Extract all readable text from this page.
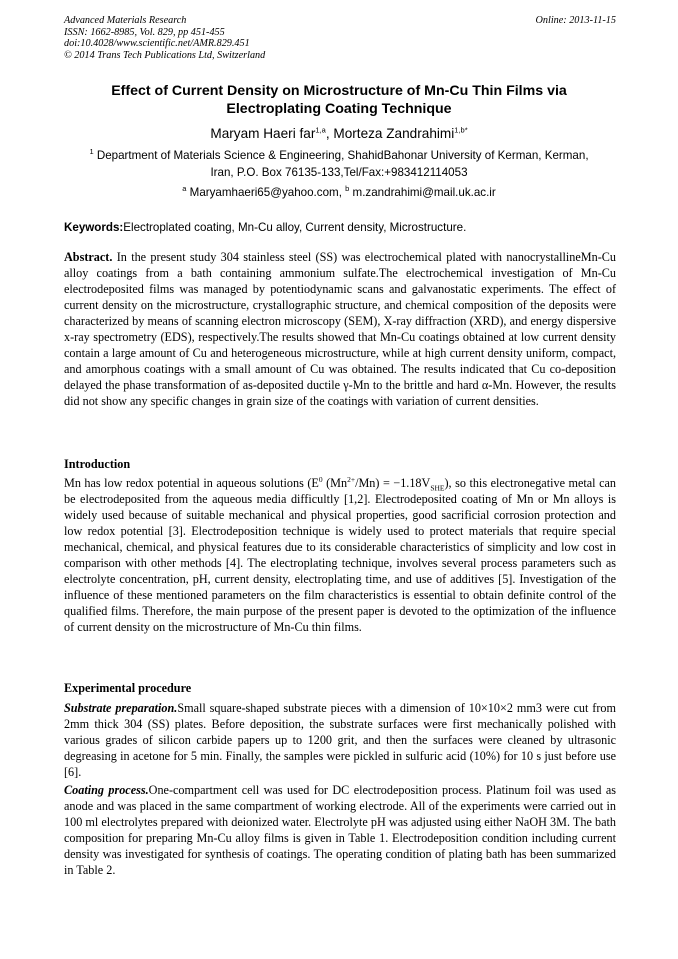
Advanced Materials Research
ISSN: 1662-8985, Vol. 829, pp 451-455
doi:10.4028/www.scientific.net/AMR.829.451
© 2014 Trans Tech Publications Ltd, Switzerland
Online: 2013-11-15
Effect of Current Density on Microstructure of Mn-Cu Thin Films via
Electroplating Coating Technique
Maryam Haeri far$^{1,a}$, Morteza Zandrahimi$^{1,b*}$
$^1$ Department of Materials Science & Engineering, ShahidBahonar University of Kerman, Kerman,
Iran, P.O. Box 76135-133,Tel/Fax:+983412114053
$^a$ Maryamhaeri65@yahoo.com, $^b$ m.zandrahimi@mail.uk.ac.ir
Keywords:Electroplated coating, Mn-Cu alloy, Current density, Microstructure.

Abstract. In the present study 304 stainless steel (SS) was electrochemical plated with nanocrystallineMn-Cu alloy coatings from a bath containing ammonium sulfate.The electrochemical investigation of Mn-Cu electrodeposited films was managed by potentiodynamic scans and galvanostatic experiments. The effect of current density on the microstructure, crystallographic structure, and chemical composition of the deposits were characterized by means of scanning electron microscopy (SEM), X-ray diffraction (XRD), and energy dispersive x-ray spectrometry (EDS), respectively.The results showed that Mn-Cu coatings obtained at low current density contain a large amount of Cu and heterogeneous microstructure, while at high current density uniform, compact, and amorphous coatings with a small amount of Cu was obtained. The results indicated that Cu co-deposition delayed the phase transformation of as-deposited ductile γ-Mn to the brittle and hard α-Mn. However, the results did not show any specific changes in grain size of the coatings with variation of current densities.

Introduction

Mn has low redox potential in aqueous solutions ($E^0$ $(Mn^{2+}/Mn) = -1.18V_{SHE}$), so this electronegative metal can be electrodeposited from the aqueous media difficultly [1,2]. Electrodeposited coating of Mn or Mn alloys is widely used because of suitable mechanical and physical properties, good sacrificial corrosion protection and low redox potential [3]. Electrodeposition technique is widely used to protect materials that require special mechanical, chemical, and physical features due to its considerable characteristics of simplicity and low cost in comparison with other methods [4]. The electroplating technique, involves several process parameters such as electrolyte concentration, pH, current density, electroplating time, and use of additives [5]. Investigation of the influence of these mentioned parameters on the film characteristics is essential to obtain definite control of the qualified films. Therefore, the main purpose of the present paper is devoted to the optimization of the influence of current density on the microstructure of Mn-Cu thin films.

Experimental procedure

Substrate preparation.Small square-shaped substrate pieces with a dimension of 10×10×2 mm3 were cut from 2mm thick 304 (SS) plates. Before deposition, the substrate surfaces were first mechanically polished with various grades of silicon carbide papers up to 1200 grit, and then the surfaces were cleaned by ultrasonic degreasing in acetone for 5 min. Finally, the samples were pickled in sulfuric acid (10%) for 10 s just before use [6].

Coating process.One-compartment cell was used for DC electrodeposition process. Platinum foil was used as anode and was placed in the same compartment of working electrode. All of the experiments were carried out in 100 ml electrolytes prepared with deionized water. Electrolyte pH was adjusted using either NaOH 3M. The bath composition for preparing Mn-Cu alloy films is given in Table 1. Electrodeposition condition including current density was investigated for synthesis of coatings. The operating condition of plating bath has been summarized in Table 2.
